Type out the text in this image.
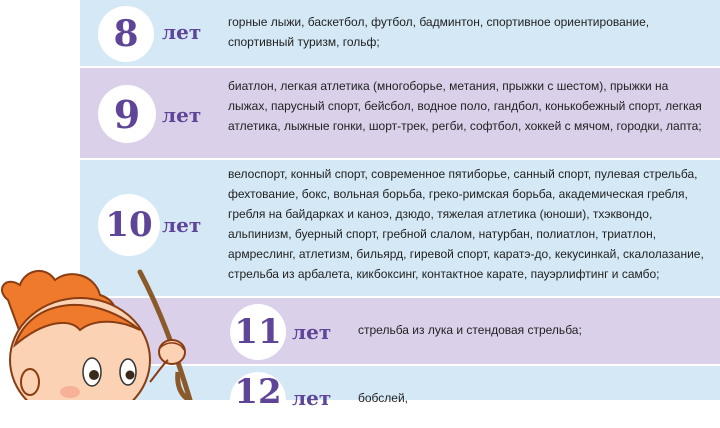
8	лет горные лыжи, баскетбол, футбол, бадминтон, спортивное ориентирование, спортивный туризм, гольф;
9	лет
биатлон, легкая атлетика (многоборье, метания, прыжки с шестом), прыжки на лыжах, парусный спорт, бейсбол, водное поло, гандбол, конькобежный спорт, легкая атлетика, лыжные гонки, шорт-трек, регби, софтбол, хоккей с мячом, городки, лапта;
10 лет
велоспорт, конный спорт, современное пятиборье, санный спорт, пулевая стрельба, фехтование, бокс, вольная борьба, греко-римская борьба, академическая гребля, гребля на байдарках и каноэ, дзюдо, тяжелая атлетика (юноши), тхэквондо, альпинизм, буерный спорт, гребной слалом, натурбан, полиатлон, триатлон, армреслинг, атлетизм, бильярд, гиревой спорт, каратэ-до, кекусинкай, скалолазание, стрельба из арбалета, кикбоксинг, контактное карате, пауэрлифтинг и самбо;
11 лет стрельба из лука и стендовая стрельба;
12 лет бобслей,
